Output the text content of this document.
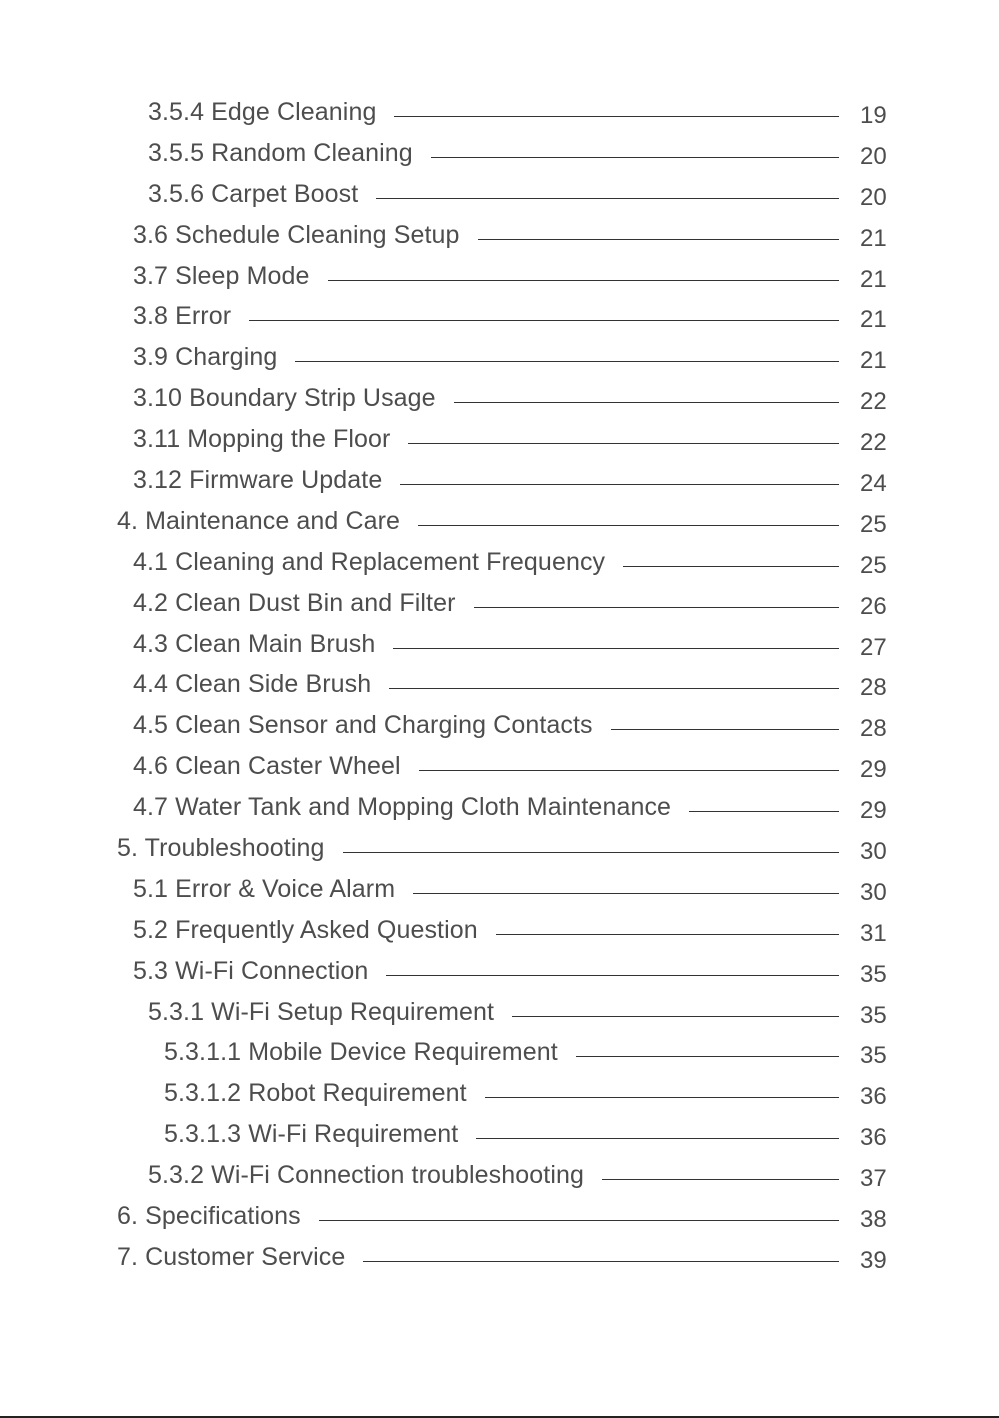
3.5.4 Edge Cleaning	19
3.5.5 Random Cleaning	20
3.5.6 Carpet Boost	20
3.6 Schedule Cleaning Setup	21
3.7 Sleep Mode	21
3.8 Error	21
3.9 Charging	21
3.10 Boundary Strip Usage	22
3.11 Mopping the Floor	22
3.12 Firmware Update	24
4. Maintenance and Care	25
4.1 Cleaning and Replacement Frequency	25
4.2 Clean Dust Bin and Filter	26
4.3 Clean Main Brush	27
4.4 Clean Side Brush	28
4.5 Clean Sensor and Charging Contacts	28
4.6 Clean Caster Wheel	29
4.7 Water Tank and Mopping Cloth Maintenance	29
5. Troubleshooting	30
5.1 Error & Voice Alarm	30
5.2 Frequently Asked Question	31
5.3 Wi-Fi Connection	35
5.3.1 Wi-Fi Setup Requirement	35
5.3.1.1 Mobile Device Requirement	35
5.3.1.2 Robot Requirement	36
5.3.1.3 Wi-Fi Requirement	36
5.3.2 Wi-Fi Connection troubleshooting	37
6. Specifications	38
7. Customer Service	39
